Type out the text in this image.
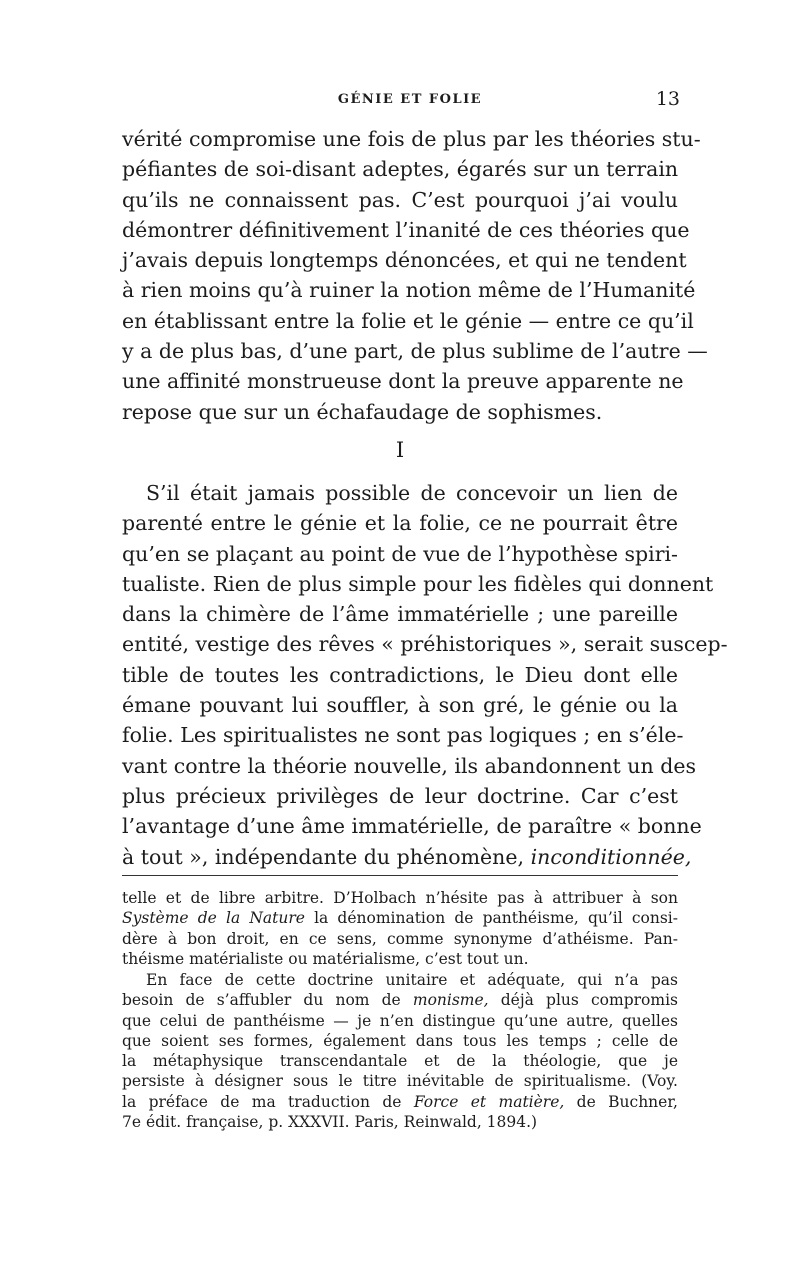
GÉNIE ET FOLIE	13
vérité compromise une fois de plus par les théories stu-
péfiantes de soi-disant adeptes, égarés sur un terrain
qu’ils ne connaissent pas. C’est pourquoi j’ai voulu
démontrer définitivement l’inanité de ces théories que
j’avais depuis longtemps dénoncées, et qui ne tendent
à rien moins qu’à ruiner la notion même de l’Humanité
en établissant entre la folie et le génie — entre ce qu’il
y a de plus bas, d’une part, de plus sublime de l’autre —
une affinité monstrueuse dont la preuve apparente ne
repose que sur un échafaudage de sophismes.
I
S’il était jamais possible de concevoir un lien de
parenté entre le génie et la folie, ce ne pourrait être
qu’en se plaçant au point de vue de l’hypothèse spiri-
tualiste. Rien de plus simple pour les fidèles qui donnent
dans la chimère de l’âme immatérielle ; une pareille
entité, vestige des rêves « préhistoriques », serait suscep-
tible de toutes les contradictions, le Dieu dont elle
émane pouvant lui souffler, à son gré, le génie ou la
folie. Les spiritualistes ne sont pas logiques ; en s’éle-
vant contre la théorie nouvelle, ils abandonnent un des
plus précieux privilèges de leur doctrine. Car c’est
l’avantage d’une âme immatérielle, de paraître « bonne
à tout », indépendante du phénomène, inconditionnée,
telle et de libre arbitre. D’Holbach n’hésite pas à attribuer à son
Système de la Nature la dénomination de panthéisme, qu’il consi-
dère à bon droit, en ce sens, comme synonyme d’athéisme. Pan-
théisme matérialiste ou matérialisme, c’est tout un.
En face de cette doctrine unitaire et adéquate, qui n’a pas
besoin de s’affubler du nom de monisme, déjà plus compromis
que celui de panthéisme — je n’en distingue qu’une autre, quelles
que soient ses formes, également dans tous les temps ; celle de
la métaphysique transcendantale et de la théologie, que je
persiste à désigner sous le titre inévitable de spiritualisme. (Voy.
la préface de ma traduction de Force et matière, de Buchner,
7e édit. française, p. XXXVII. Paris, Reinwald, 1894.)
